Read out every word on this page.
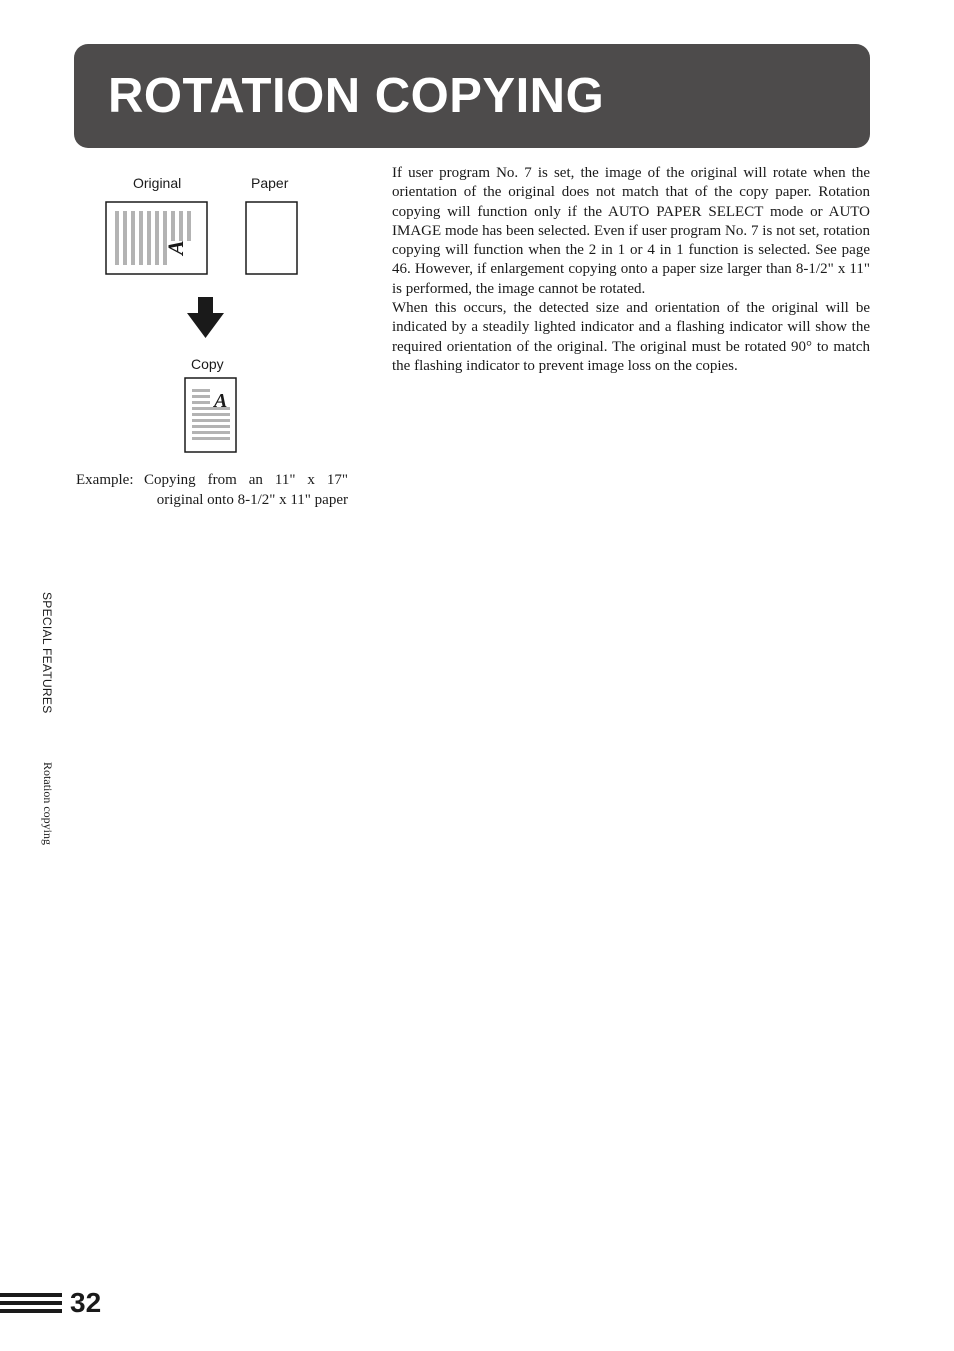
ROTATION COPYING
Original	Paper
Copy
A
A
Example: Copying from an 11" x 17" original onto 8-1/2" x 11" paper

If user program No. 7 is set, the image of the original will rotate when the orientation of the original does not match that of the copy paper. Rotation copying will function only if the AUTO PAPER SELECT mode or AUTO IMAGE mode has been selected. Even if user program No. 7 is not set, rotation copying will function when the 2 in 1 or 4 in 1 function is selected. See page 46. However, if enlargement copying onto a paper size larger than 8-1/2" x 11" is performed, the image cannot be rotated.

When this occurs, the detected size and orientation of the original will be indicated by a steadily lighted indicator and a flashing indicator will show the required orientation of the original. The original must be rotated 90° to match the flashing indicator to prevent image loss on the copies.

SPECIAL FEATURES
Rotation copying
32
